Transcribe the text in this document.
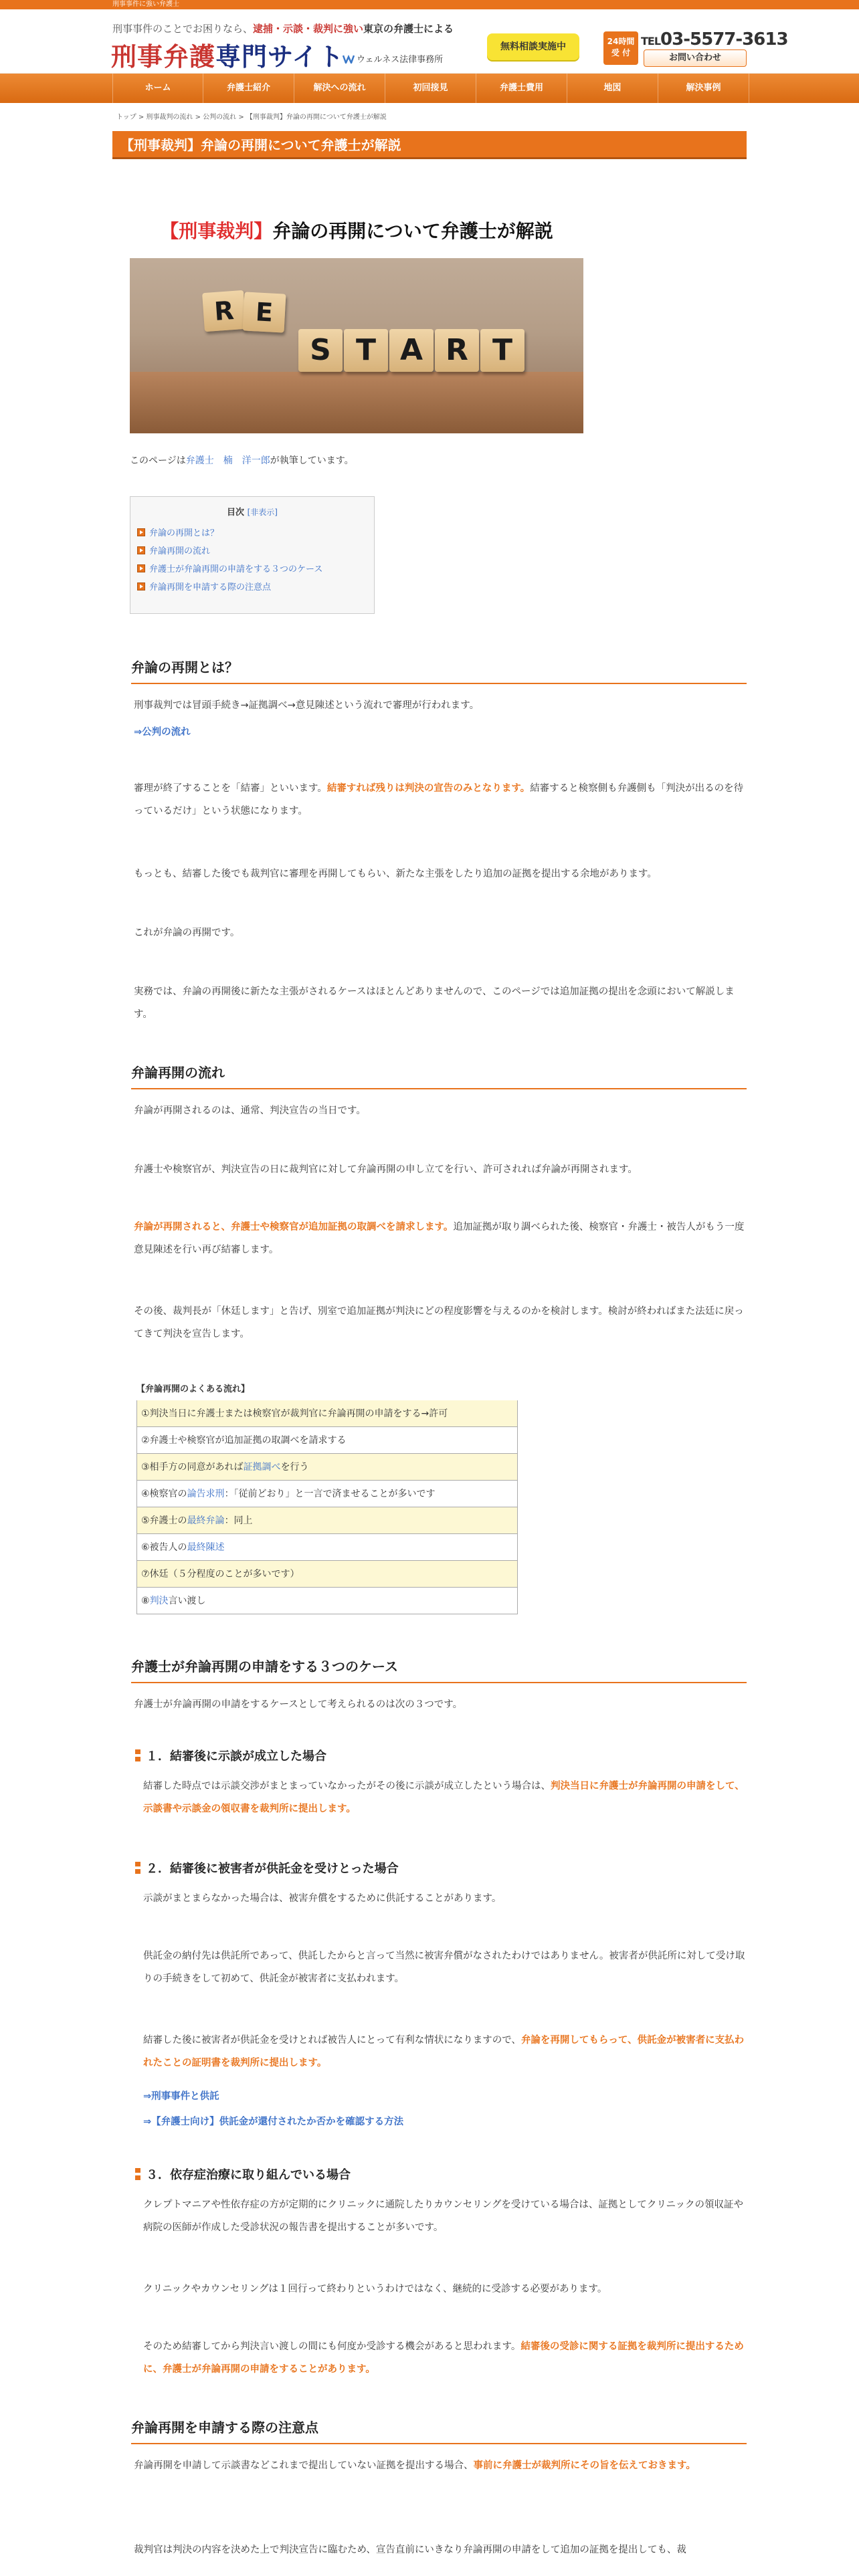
刑事事件に強い弁護士
刑事事件のことでお困りなら、逮捕・示談・裁判に強い東京の弁護士による
刑事弁護専門サイト	ウェルネス法律事務所
無料相談実施中	24時間
受 付
TEL03-5577-3613
お問い合わせ
ホーム	弁護士紹介	解決への流れ	初回接見	弁護士費用	地図	解決事例
トップ > 刑事裁判の流れ > 公判の流れ > 【刑事裁判】弁論の再開について弁護士が解説
【刑事裁判】弁論の再開について弁護士が解説
【刑事裁判】弁論の再開について弁護士が解説
R E
S T A R T
このページは弁護士　楠　洋一郎が執筆しています。
目次 [非表示]
弁論の再開とは？
弁論再開の流れ
弁護士が弁論再開の申請をする３つのケース
弁論再開を申請する際の注意点
弁論の再開とは？

刑事裁判では冒頭手続き→証拠調べ→意見陳述という流れで審理が行われます。

⇒公判の流れ

審理が終了することを「結審」といいます。結審すれば残りは判決の宣告のみとなります。結審すると検察側も弁護側も「判決が出るのを待っているだけ」という状態になります。

もっとも、結審した後でも裁判官に審理を再開してもらい、新たな主張をしたり追加の証拠を提出する余地があります。

これが弁論の再開です。

実務では、弁論の再開後に新たな主張がされるケースはほとんどありませんので、このページでは追加証拠の提出を念頭において解説します。

弁論再開の流れ

弁論が再開されるのは、通常、判決宣告の当日です。

弁護士や検察官が、判決宣告の日に裁判官に対して弁論再開の申し立てを行い、許可されれば弁論が再開されます。

弁論が再開されると、弁護士や検察官が追加証拠の取調べを請求します。追加証拠が取り調べられた後、検察官・弁護士・被告人がもう一度意見陳述を行い再び結審します。

その後、裁判長が「休廷します」と告げ、別室で追加証拠が判決にどの程度影響を与えるのかを検討します。検討が終わればまた法廷に戻ってきて判決を宣告します。

【弁論再開のよくある流れ】
①判決当日に弁護士または検察官が裁判官に弁論再開の申請をする→許可
②弁護士や検察官が追加証拠の取調べを請求する
③相手方の同意があれば証拠調べを行う
④検察官の論告求刑：「従前どおり」と一言で済ませることが多いです
⑤弁護士の最終弁論：同上
⑥被告人の最終陳述
⑦休廷（５分程度のことが多いです）
⑧判決言い渡し
弁護士が弁論再開の申請をする３つのケース

弁護士が弁論再開の申請をするケースとして考えられるのは次の３つです。

１．結審後に示談が成立した場合

結審した時点では示談交渉がまとまっていなかったがその後に示談が成立したという場合は、判決当日に弁護士が弁論再開の申請をして、示談書や示談金の領収書を裁判所に提出します。

２．結審後に被害者が供託金を受けとった場合

示談がまとまらなかった場合は、被害弁償をするために供託することがあります。

供託金の納付先は供託所であって、供託したからと言って当然に被害弁償がなされたわけではありません。被害者が供託所に対して受け取りの手続きをして初めて、供託金が被害者に支払われます。

結審した後に被害者が供託金を受けとれば被告人にとって有利な情状になりますので、弁論を再開してもらって、供託金が被害者に支払われたことの証明書を裁判所に提出します。

⇒刑事事件と供託

⇒【弁護士向け】供託金が還付されたか否かを確認する方法

３．依存症治療に取り組んでいる場合

クレプトマニアや性依存症の方が定期的にクリニックに通院したりカウンセリングを受けている場合は、証拠としてクリニックの領収証や病院の医師が作成した受診状況の報告書を提出することが多いです。

クリニックやカウンセリングは１回行って終わりというわけではなく、継続的に受診する必要があります。

そのため結審してから判決言い渡しの間にも何度か受診する機会があると思われます。結審後の受診に関する証拠を裁判所に提出するために、弁護士が弁論再開の申請をすることがあります。

弁論再開を申請する際の注意点

弁論再開を申請して示談書などこれまで提出していない証拠を提出する場合、事前に弁護士が裁判所にその旨を伝えておきます。

裁判官は判決の内容を決めた上で判決宣告に臨むため、宣告直前にいきなり弁論再開の申請をして追加の証拠を提出しても、裁
